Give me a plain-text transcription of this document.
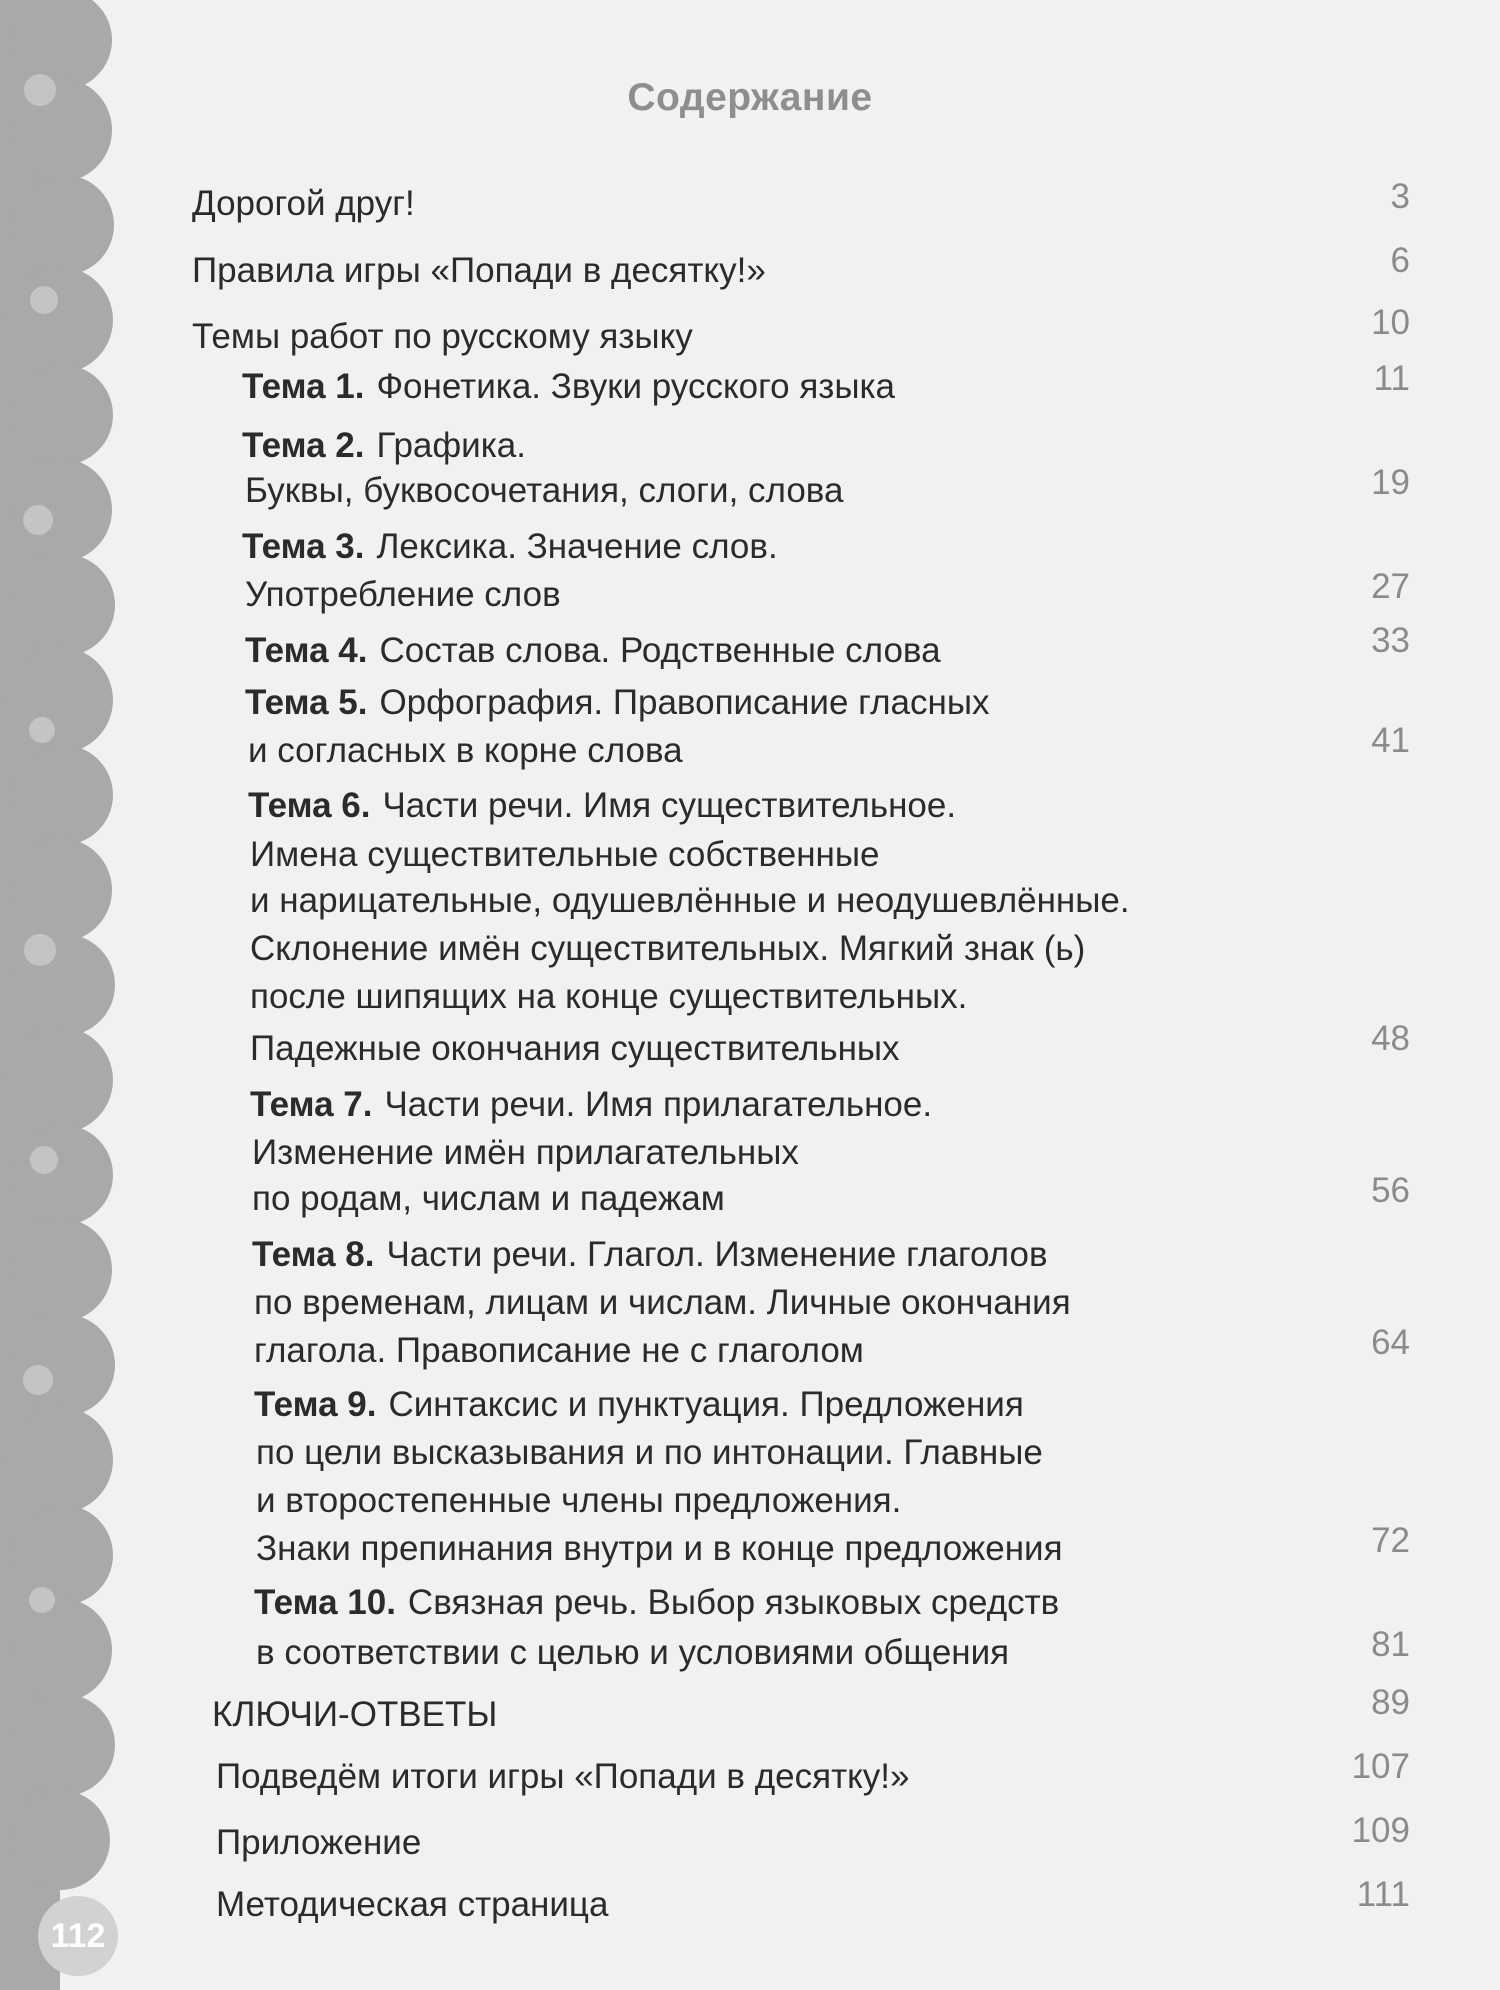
112
Содержание
Дорогой друг!	3
Правила игры «Попади в десятку!»	6
Темы работ по русскому языку	10
Тема 1. Фонетика. Звуки русского языка	11
Тема 2. Графика.
Буквы, буквосочетания, слоги, слова	19
Тема 3. Лексика. Значение слов.
Употребление слов	27
Тема 4. Состав слова. Родственные слова	33
Тема 5. Орфография. Правописание гласных
и согласных в корне слова	41
Тема 6. Части речи. Имя существительное.
Имена существительные собственные
и нарицательные, одушевлённые и неодушевлённые.
Склонение имён существительных. Мягкий знак (ь)
после шипящих на конце существительных.
Падежные окончания существительных	48
Тема 7. Части речи. Имя прилагательное.
Изменение имён прилагательных
по родам, числам и падежам	56
Тема 8. Части речи. Глагол. Изменение глаголов
по временам, лицам и числам. Личные окончания
глагола. Правописание не с глаголом	64
Тема 9. Синтаксис и пунктуация. Предложения
по цели высказывания и по интонации. Главные
и второстепенные члены предложения.
Знаки препинания внутри и в конце предложения	72
Тема 10. Связная речь. Выбор языковых средств
в соответствии с целью и условиями общения	81
КЛЮЧИ-ОТВЕТЫ	89
Подведём итоги игры «Попади в десятку!»	107
Приложение	109
Методическая страница	111
